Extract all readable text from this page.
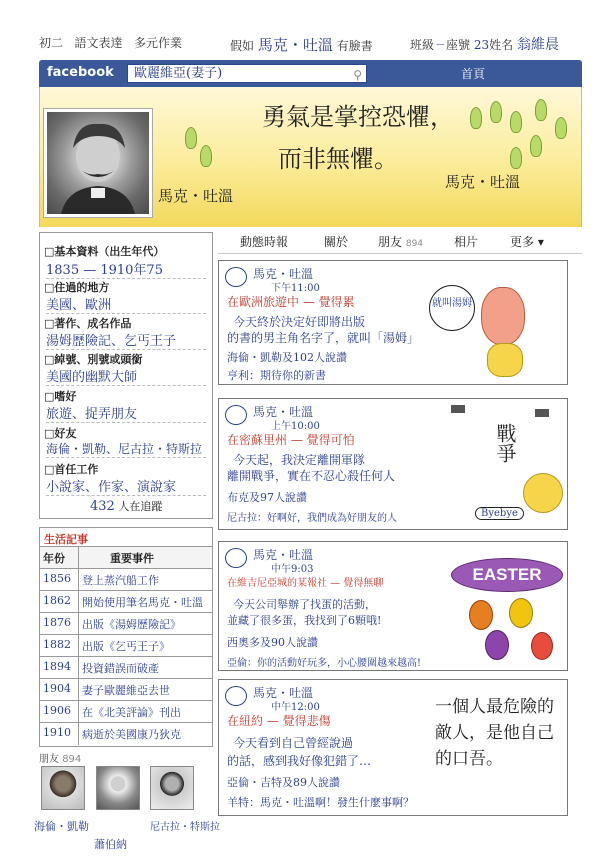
初二 語文表達 多元作業	假如 馬克・吐溫 有臉書	班級ㄧ座號 23姓名 翁維晨
facebook	歐麗維亞(妻子)	⚲	首頁
勇氣是掌控恐懼，
而非無懼。
馬克・吐溫
馬克・吐溫
□基本資料（出生年代）
1835 — 1910年75
□住過的地方
美國、歐洲
□著作、成名作品
湯姆歷險記、乞丐王子
□綽號、別號或頭銜
美國的幽默大師
□嗜好
旅遊、捉弄朋友
□好友
海倫・凱勒、尼古拉・特斯拉
□首任工作
小說家、作家、演說家
432 人在追蹤
生活記事
年份	重要事件
1856	登上蒸汽船工作
1862	開始使用筆名馬克・吐溫
1876	出版《湯姆歷險記》
1882	出版《乞丐王子》
1894	投資錯誤而破產
1904	妻子歐麗維亞去世
1906	在《北美評論》刊出
1910	病逝於美國康乃狄克
朋友 894
海倫・凱勒
蕭伯納
尼古拉・特斯拉
動態時報	關於 朋友 894	相片	更多 ▾
馬克・吐溫
下午11:00
在歐洲旅遊中 — 覺得累
今天終於決定好即將出版
的書的男主角名字了，就叫「湯姆」
海倫・凱勒及102人說讚
亨利：期待你的新書
就叫湯姆
馬克・吐溫
上午10:00
在密蘇里州 — 覺得可怕
今天起，我決定離開軍隊
離開戰爭，實在不忍心殺任何人
布克及97人說讚
尼古拉：好啊好，我們成為好朋友的人
戰爭
Byebye
馬克・吐溫
中午9:03
在維吉尼亞城的某報社 — 覺得無聊
今天公司舉辦了找蛋的活動，
並藏了很多蛋，我找到了6顆哦!
西奧多及90人說讚
亞倫：你的活動好玩多，小心腰圍越來越高!
EASTER
馬克・吐溫
中午12:00
在紐約 — 覺得悲傷
今天看到自己曾經說過
的話，感到我好像犯錯了…
亞倫・吉特及89人說讚
羊特：馬克・吐溫啊！發生什麼事啊？
一個人最危險的敵人，是他自己的口吾。
